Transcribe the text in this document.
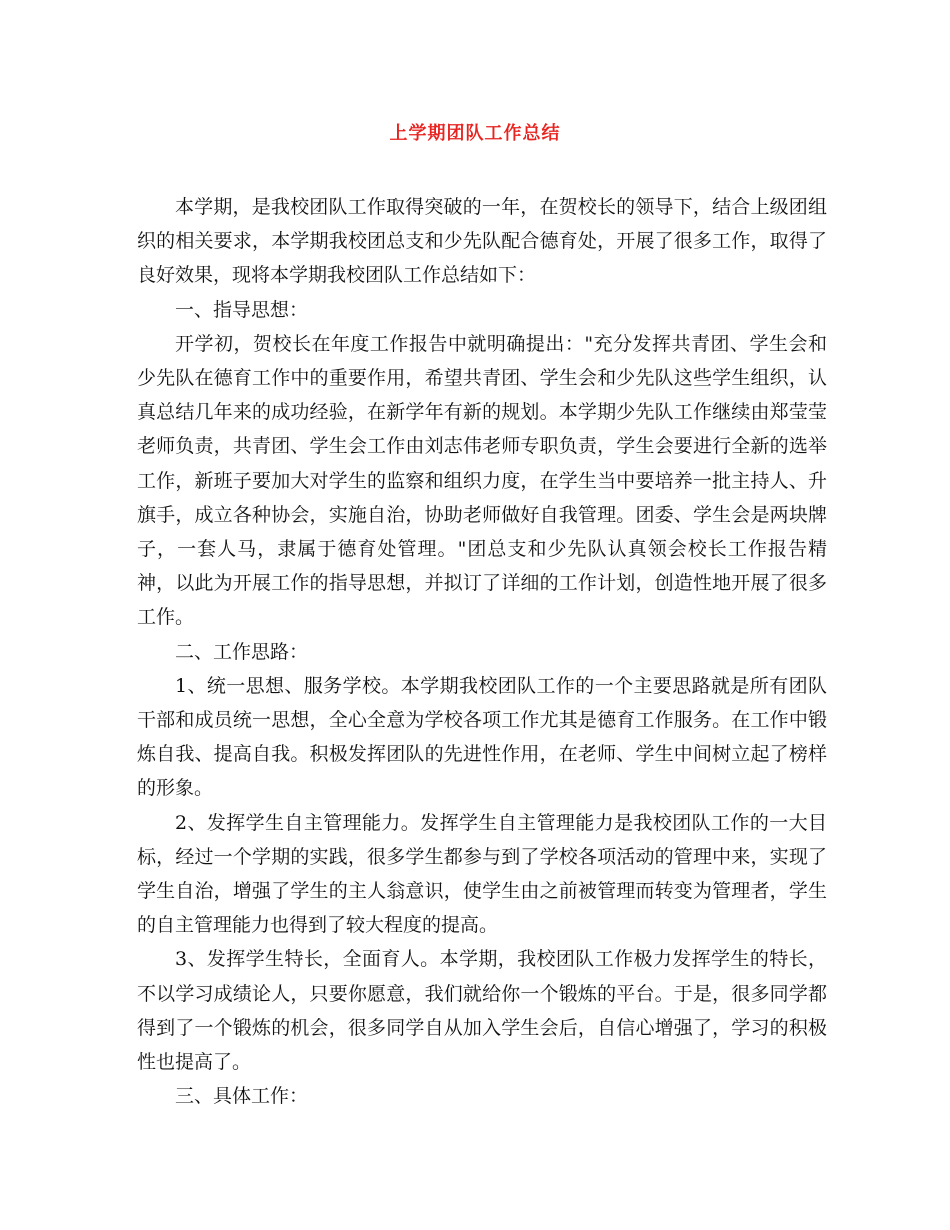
上学期团队工作总结

本学期，是我校团队工作取得突破的一年，在贺校长的领导下，结合上级团组织的相关要求，本学期我校团总支和少先队配合德育处，开展了很多工作，取得了良好效果，现将本学期我校团队工作总结如下：

一、指导思想：

开学初，贺校长在年度工作报告中就明确提出："充分发挥共青团、学生会和少先队在德育工作中的重要作用，希望共青团、学生会和少先队这些学生组织，认真总结几年来的成功经验，在新学年有新的规划。本学期少先队工作继续由郑莹莹老师负责，共青团、学生会工作由刘志伟老师专职负责，学生会要进行全新的选举工作，新班子要加大对学生的监察和组织力度，在学生当中要培养一批主持人、升旗手，成立各种协会，实施自治，协助老师做好自我管理。团委、学生会是两块牌子，一套人马，隶属于德育处管理。"团总支和少先队认真领会校长工作报告精神，以此为开展工作的指导思想，并拟订了详细的工作计划，创造性地开展了很多工作。

二、工作思路：

1、统一思想、服务学校。本学期我校团队工作的一个主要思路就是所有团队干部和成员统一思想，全心全意为学校各项工作尤其是德育工作服务。在工作中锻炼自我、提高自我。积极发挥团队的先进性作用，在老师、学生中间树立起了榜样的形象。

2、发挥学生自主管理能力。发挥学生自主管理能力是我校团队工作的一大目标，经过一个学期的实践，很多学生都参与到了学校各项活动的管理中来，实现了学生自治，增强了学生的主人翁意识，使学生由之前被管理而转变为管理者，学生的自主管理能力也得到了较大程度的提高。

3、发挥学生特长，全面育人。本学期，我校团队工作极力发挥学生的特长，不以学习成绩论人，只要你愿意，我们就给你一个锻炼的平台。于是，很多同学都得到了一个锻炼的机会，很多同学自从加入学生会后，自信心增强了，学习的积极性也提高了。

三、具体工作：
